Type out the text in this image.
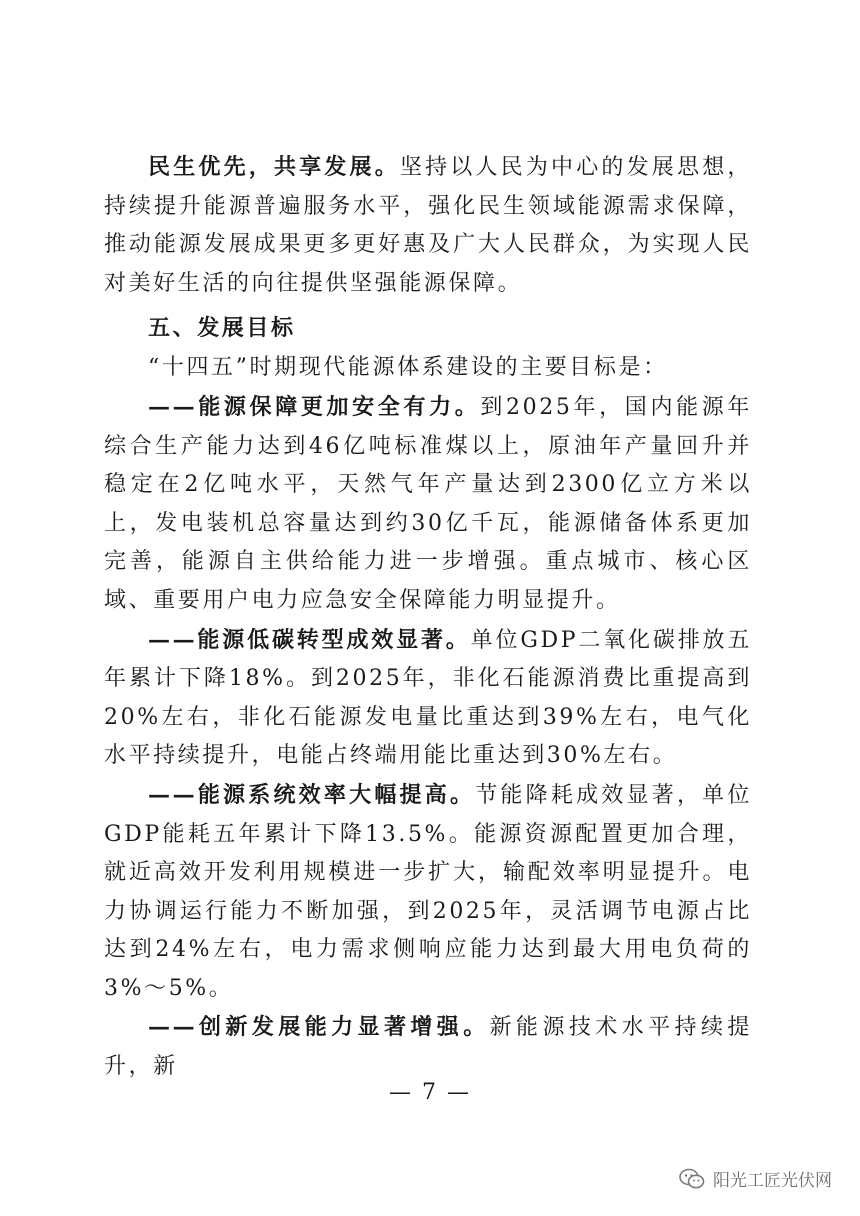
民生优先，共享发展。坚持以人民为中心的发展思想，持续提升能源普遍服务水平，强化民生领域能源需求保障，推动能源发展成果更多更好惠及广大人民群众，为实现人民对美好生活的向往提供坚强能源保障。

五、发展目标

“十四五”时期现代能源体系建设的主要目标是：

——能源保障更加安全有力。到2025年，国内能源年综合生产能力达到46亿吨标准煤以上，原油年产量回升并稳定在2亿吨水平，天然气年产量达到2300亿立方米以上，发电装机总容量达到约30亿千瓦，能源储备体系更加完善，能源自主供给能力进一步增强。重点城市、核心区域、重要用户电力应急安全保障能力明显提升。

——能源低碳转型成效显著。单位GDP二氧化碳排放五年累计下降18%。到2025年，非化石能源消费比重提高到20%左右，非化石能源发电量比重达到39%左右，电气化水平持续提升，电能占终端用能比重达到30%左右。

——能源系统效率大幅提高。节能降耗成效显著，单位GDP能耗五年累计下降13.5%。能源资源配置更加合理，就近高效开发利用规模进一步扩大，输配效率明显提升。电力协调运行能力不断加强，到2025年，灵活调节电源占比达到24%左右，电力需求侧响应能力达到最大用电负荷的3%～5%。

——创新发展能力显著增强。新能源技术水平持续提升，新

— 7 —
阳光工匠光伏网
